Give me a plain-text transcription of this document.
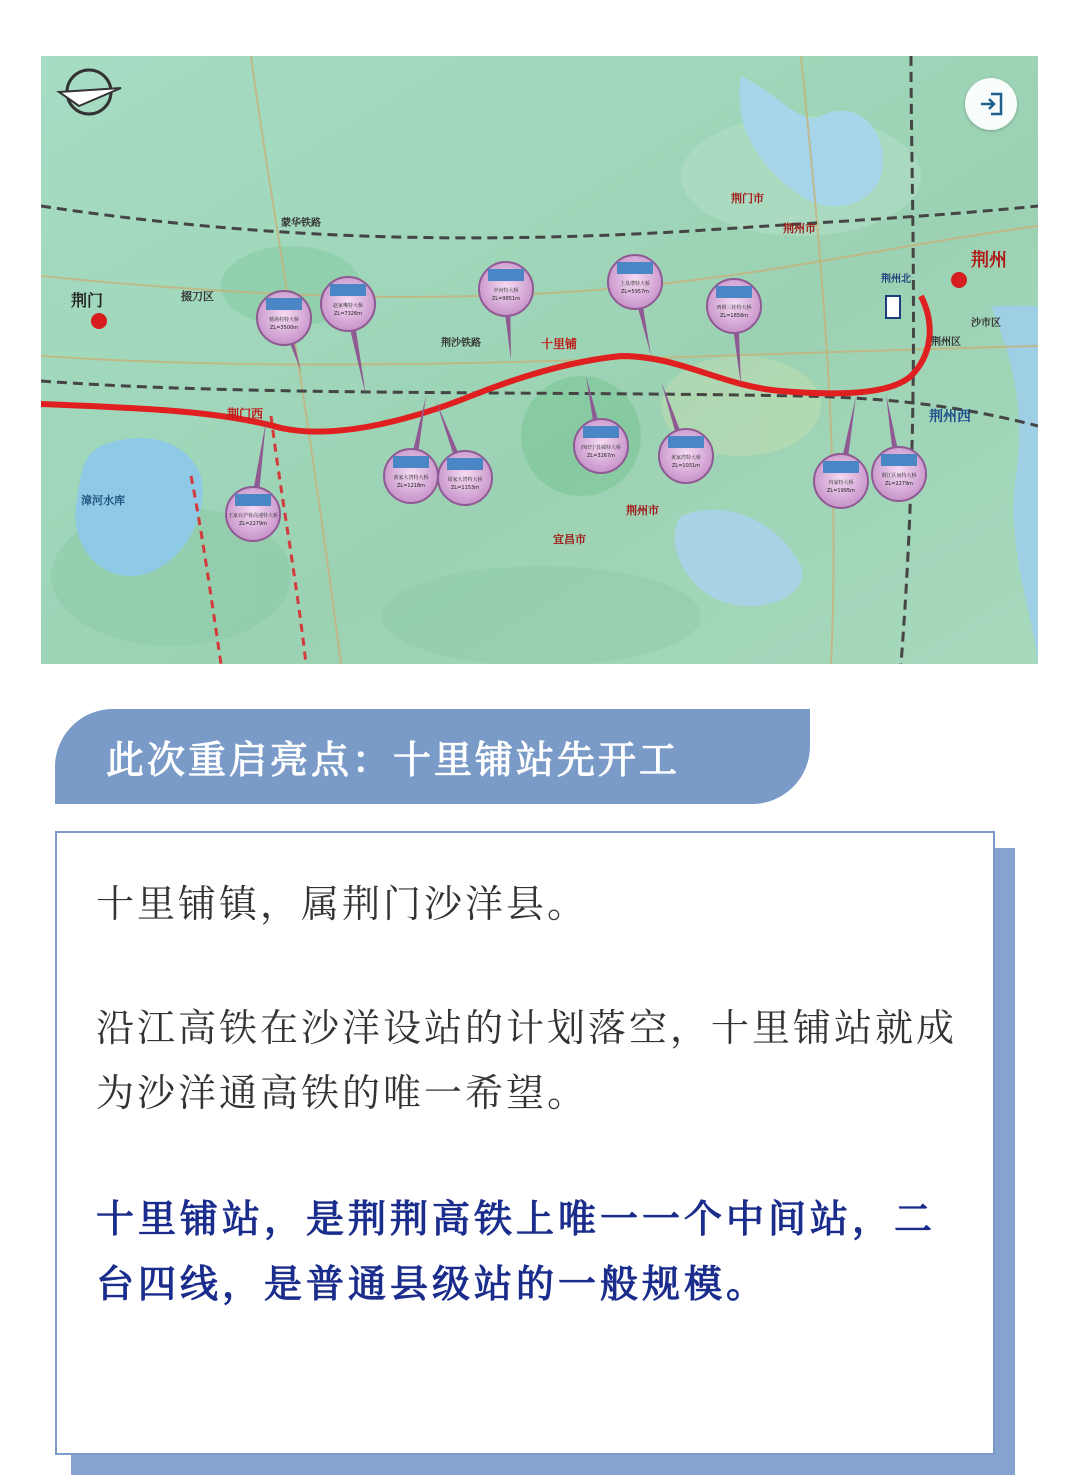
荆门
荆州
掇刀区
荆门市
荆州市
荆州市
宜昌市
十里铺
荆门西	荆州西
沙市区
荆州区
漳河水库
蒙华铁路
荆沙铁路
荆州北
杨场村特大桥
ZL=3500m
赵家嘴特大桥
ZL=7326m
中河特大桥
ZL=9851m
上泉漕特大桥
ZL=5957m
西荆三桂特大桥
ZL=1858m
黄家大湾特大桥
ZL=1218m
周家大湾特大桥
ZL=1153m
西田宁县城特大桥
ZL=3267m	黄家湾特大桥
ZL=1031m
冉家特大桥
ZL=1995m
荆江区间特大桥
ZL=2279m
王家台沪蓉高速特大桥
ZL=2279m
此次重启亮点：十里铺站先开工

十里铺镇，属荆门沙洋县。

沿江高铁在沙洋设站的计划落空，十里铺站就成为沙洋通高铁的唯一希望。

十里铺站，是荆荆高铁上唯一一个中间站，二台四线，是普通县级站的一般规模。
